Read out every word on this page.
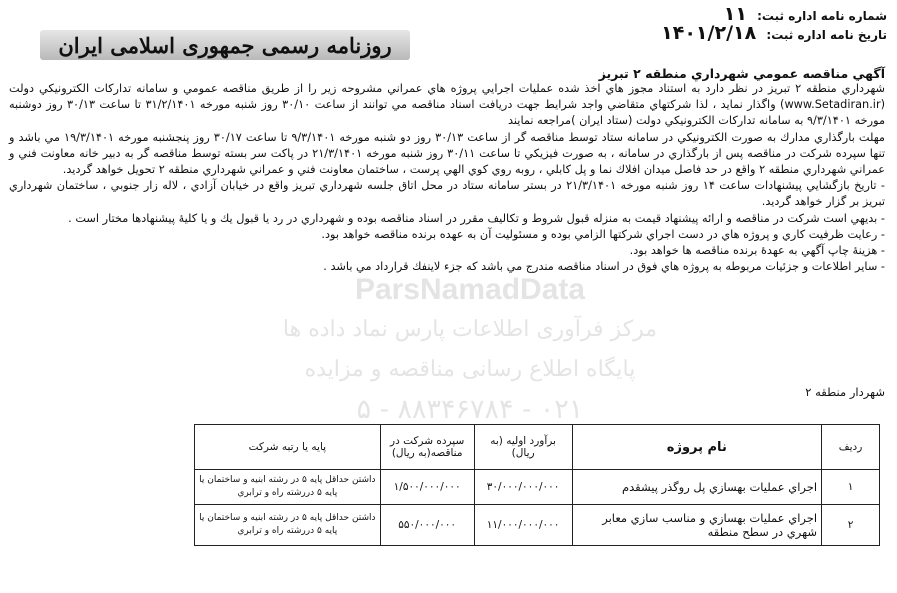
شماره نامه اداره ثبت: ۱۱
تاریخ نامه اداره ثبت: ۱۴۰۱/۲/۱۸
روزنامه رسمی جمهوری اسلامی ایران
آگهي مناقصه عمومي شهرداري منطقه ۲ تبريز

شهرداري منطقه ۲ تبریز در نظر دارد به استناد مجوز هاي اخذ شده عملیات اجرايي پروژه هاي عمراني مشروحه زیر را از طريق مناقصه عمومي و سامانه تداركات الكترونيكي دولت (www.Setadiran.ir) واگذار نماید ، لذا شركتهاي متقاضي واجد شرایط جهت دريافت اسناد مناقصه مي توانند از ساعت ۳۰/۱۰ روز شنبه مورخه ۳۱/۲/۱۴۰۱ تا ساعت ۳۰/۱۳ روز دوشنبه مورخه ۹/۳/۱۴۰۱ به سامانه تداركات الكترونيكي دولت (ستاد ایران )مراجعه نمايند

مهلت بارگذاري مدارك به صورت الكترونيكي در سامانه ستاد توسط مناقصه گر از ساعت ۳۰/۱۳ روز دو شنبه مورخه ۹/۳/۱۴۰۱ تا ساعت ۳۰/۱۷ روز پنجشنبه مورخه ۱۹/۳/۱۴۰۱ مي باشد و تنها سپرده شركت در مناقصه پس از بارگذاري در سامانه ، به صورت فيزيكي تا ساعت ۳۰/۱۱ روز شنبه مورخه ۲۱/۳/۱۴۰۱ در پاكت سر بسته توسط مناقصه گر به دبير خانه معاونت فني و عمراني شهرداري منطقه ۲ واقع در حد فاصل ميدان افلاك نما و پل كابلي ، روبه روي كوي الهي پرست ، ساختمان معاونت فني و عمراني شهرداري منطقه ۲ تحويل خواهد گرديد.

- تاريخ بازگشايي پيشنهادات ساعت ۱۴ روز شنبه مورخه ۲۱/۳/۱۴۰۱ در بستر سامانه ستاد در محل اتاق جلسه شهرداري تبريز واقع در خيابان آزادي ، لاله زار جنوبي ، ساختمان شهرداري تبريز بر گزار خواهد گرديد.

- بديهي است شركت در مناقصه و ارائه پيشنهاد قيمت به منزله قبول شروط و تكاليف مقرر در اسناد مناقصه بوده و شهرداري در رد يا قبول يك و يا كليۀ پيشنهادها مختار است .

- رعايت ظرفيت كاري و پروژه هاي در دست اجراي شركتها الزامي بوده و مسئوليت آن به عهده برنده مناقصه خواهد بود.

- هزينۀ چاپ آگهي به عهدۀ برنده مناقصه ها خواهد بود.

- ساير اطلاعات و جزئيات مربوطه به پروژه هاي فوق در اسناد مناقصه مندرج مي باشد كه جزء لاينفك قرارداد مي باشد .

ParsNamadData
مرکز فرآوری اطلاعات پارس نماد داده ها
پایگاه اطلاع رسانی مناقصه و مزایده
۰۲۱ - ۸۸۳۴۶۷۸۴ - ۵
شهردار منطقه ۲
رديف	نام پروژه	برآورد اوليه (به ريال)	سپرده شركت در مناقصه(به ريال)	پايه يا رتبه شركت
۱	اجراي عمليات بهسازي پل روگذر پيشقدم	۳۰/۰۰۰/۰۰۰/۰۰۰	۱/۵۰۰/۰۰۰/۰۰۰	داشتن حداقل پايه ۵ در رشته ابنيه و ساختمان يا پايه ۵ دررشته راه و ترابري
۲	اجراي عمليات بهسازي و مناسب سازي معابر شهري در سطح منطقه	۱۱/۰۰۰/۰۰۰/۰۰۰	۵۵۰/۰۰۰/۰۰۰	داشتن حداقل پايه ۵ در رشته ابنيه و ساختمان يا پايه ۵ دررشته راه و ترابري
